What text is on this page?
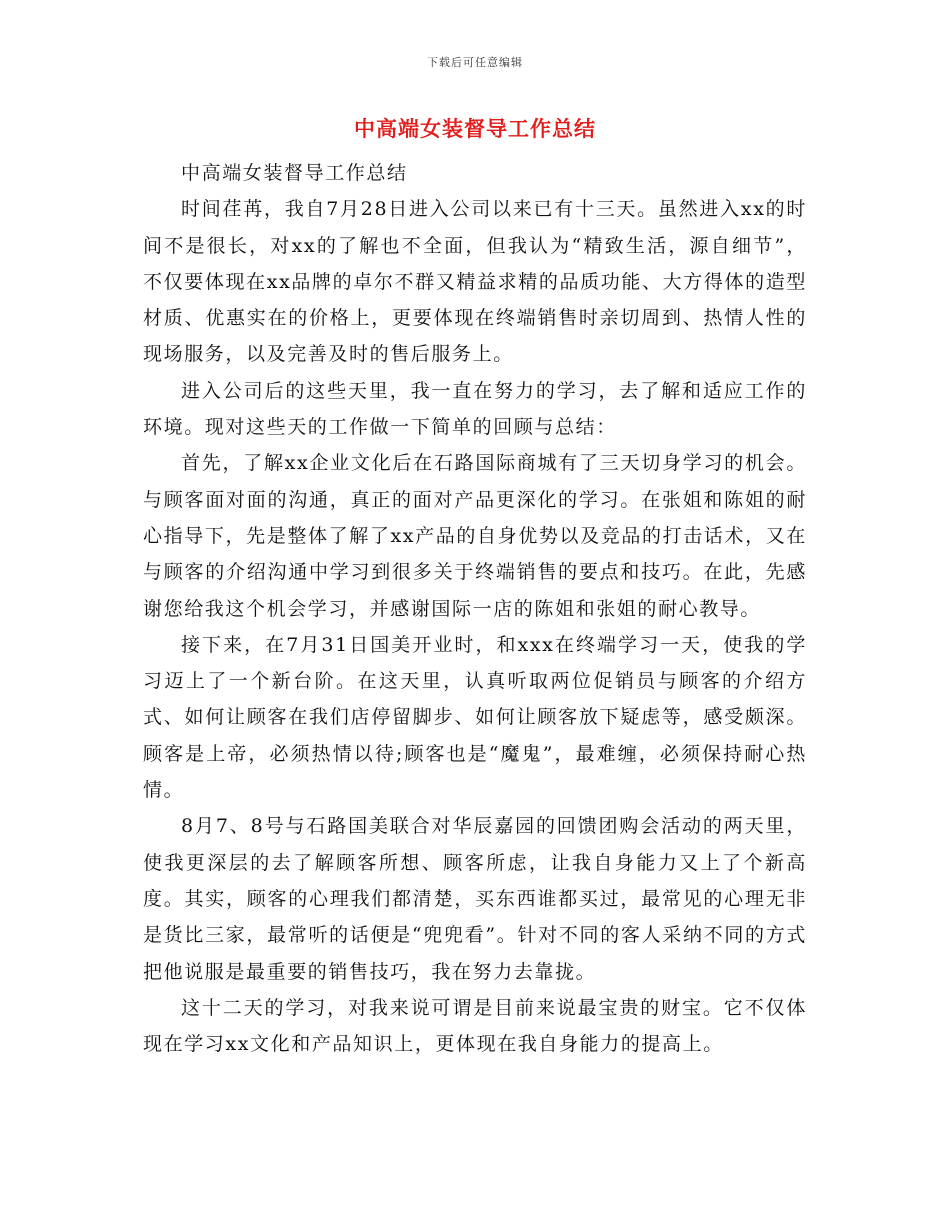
下载后可任意编辑
中高端女装督导工作总结

中高端女装督导工作总结

时间荏苒，我自7月28日进入公司以来已有十三天。虽然进入xx的时间不是很长，对xx的了解也不全面，但我认为“精致生活，源自细节”，不仅要体现在xx品牌的卓尔不群又精益求精的品质功能、大方得体的造型材质、优惠实在的价格上，更要体现在终端销售时亲切周到、热情人性的现场服务，以及完善及时的售后服务上。

进入公司后的这些天里，我一直在努力的学习，去了解和适应工作的环境。现对这些天的工作做一下简单的回顾与总结：

首先，了解xx企业文化后在石路国际商城有了三天切身学习的机会。与顾客面对面的沟通，真正的面对产品更深化的学习。在张姐和陈姐的耐心指导下，先是整体了解了xx产品的自身优势以及竞品的打击话术，又在与顾客的介绍沟通中学习到很多关于终端销售的要点和技巧。在此，先感谢您给我这个机会学习，并感谢国际一店的陈姐和张姐的耐心教导。

接下来，在7月31日国美开业时，和xxx在终端学习一天，使我的学习迈上了一个新台阶。在这天里，认真听取两位促销员与顾客的介绍方式、如何让顾客在我们店停留脚步、如何让顾客放下疑虑等，感受颇深。顾客是上帝，必须热情以待;顾客也是“魔鬼”，最难缠，必须保持耐心热情。

8月7、8号与石路国美联合对华辰嘉园的回馈团购会活动的两天里，使我更深层的去了解顾客所想、顾客所虑，让我自身能力又上了个新高度。其实，顾客的心理我们都清楚，买东西谁都买过，最常见的心理无非是货比三家，最常听的话便是“兜兜看”。针对不同的客人采纳不同的方式把他说服是最重要的销售技巧，我在努力去靠拢。

这十二天的学习，对我来说可谓是目前来说最宝贵的财宝。它不仅体现在学习xx文化和产品知识上，更体现在我自身能力的提高上。
